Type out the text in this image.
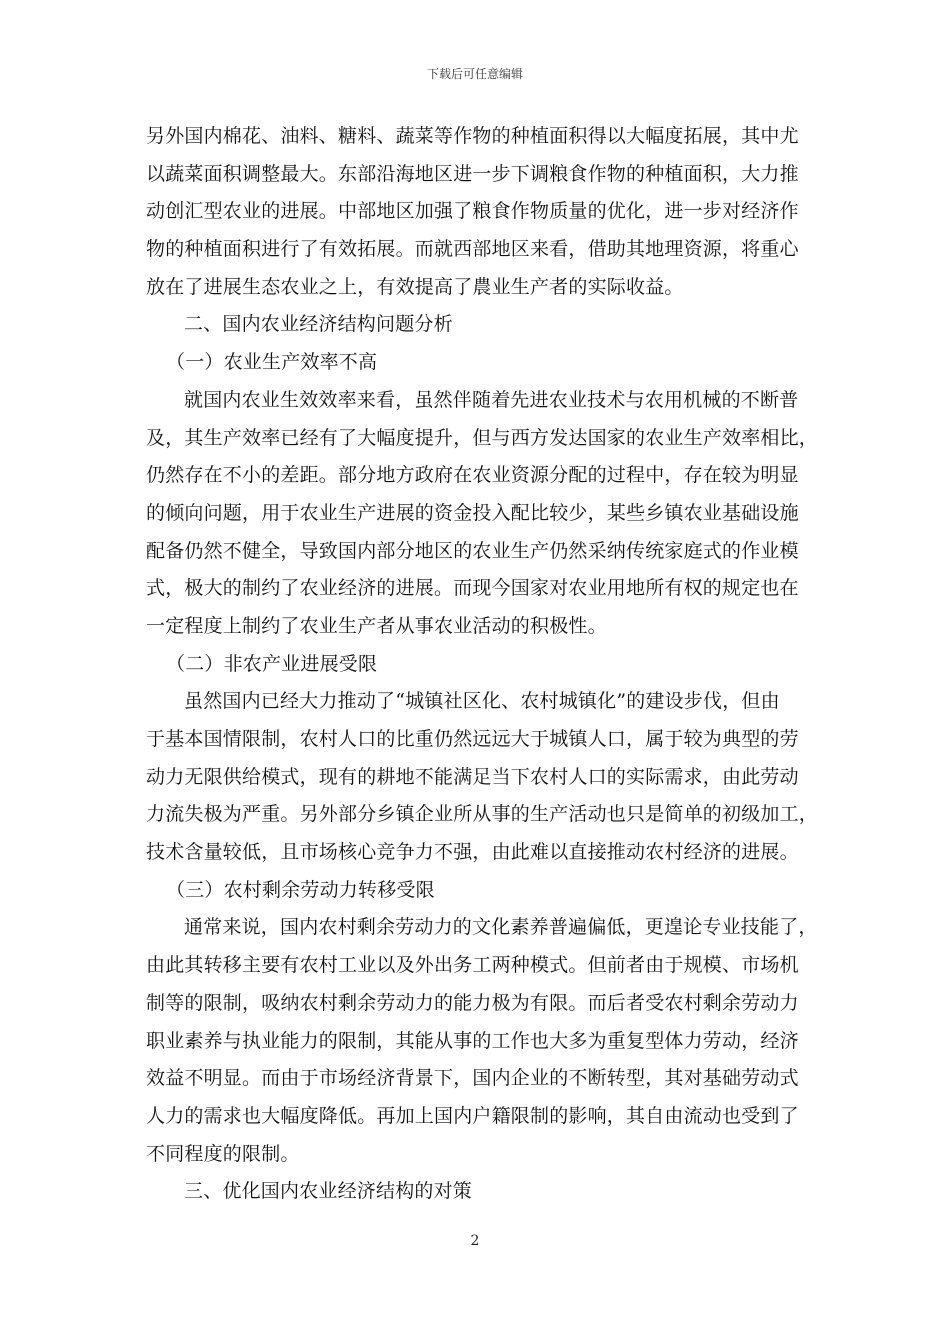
下载后可任意编辑
另外国内棉花、油料、糖料、蔬菜等作物的种植面积得以大幅度拓展，其中尤
以蔬菜面积调整最大。东部沿海地区进一步下调粮食作物的种植面积，大力推
动创汇型农业的进展。中部地区加强了粮食作物质量的优化，进一步对经济作
物的种植面积进行了有效拓展。而就西部地区来看，借助其地理资源，将重心
放在了进展生态农业之上，有效提高了農业生产者的实际收益。
二、国内农业经济结构问题分析
（一）农业生产效率不高
就国内农业生效效率来看，虽然伴随着先进农业技术与农用机械的不断普
及，其生产效率已经有了大幅度提升，但与西方发达国家的农业生产效率相比，
仍然存在不小的差距。部分地方政府在农业资源分配的过程中，存在较为明显
的倾向问题，用于农业生产进展的资金投入配比较少，某些乡镇农业基础设施
配备仍然不健全，导致国内部分地区的农业生产仍然采纳传统家庭式的作业模
式，极大的制约了农业经济的进展。而现今国家对农业用地所有权的规定也在
一定程度上制约了农业生产者从事农业活动的积极性。
（二）非农产业进展受限
虽然国内已经大力推动了“城镇社区化、农村城镇化”的建设步伐，但由
于基本国情限制，农村人口的比重仍然远远大于城镇人口，属于较为典型的劳
动力无限供给模式，现有的耕地不能满足当下农村人口的实际需求，由此劳动
力流失极为严重。另外部分乡镇企业所从事的生产活动也只是简单的初级加工，
技术含量较低，且市场核心竞争力不强，由此难以直接推动农村经济的进展。
（三）农村剩余劳动力转移受限
通常来说，国内农村剩余劳动力的文化素养普遍偏低，更遑论专业技能了，
由此其转移主要有农村工业以及外出务工两种模式。但前者由于规模、市场机
制等的限制，吸纳农村剩余劳动力的能力极为有限。而后者受农村剩余劳动力
职业素养与执业能力的限制，其能从事的工作也大多为重复型体力劳动，经济
效益不明显。而由于市场经济背景下，国内企业的不断转型，其对基础劳动式
人力的需求也大幅度降低。再加上国内户籍限制的影响，其自由流动也受到了
不同程度的限制。
三、优化国内农业经济结构的对策
2
